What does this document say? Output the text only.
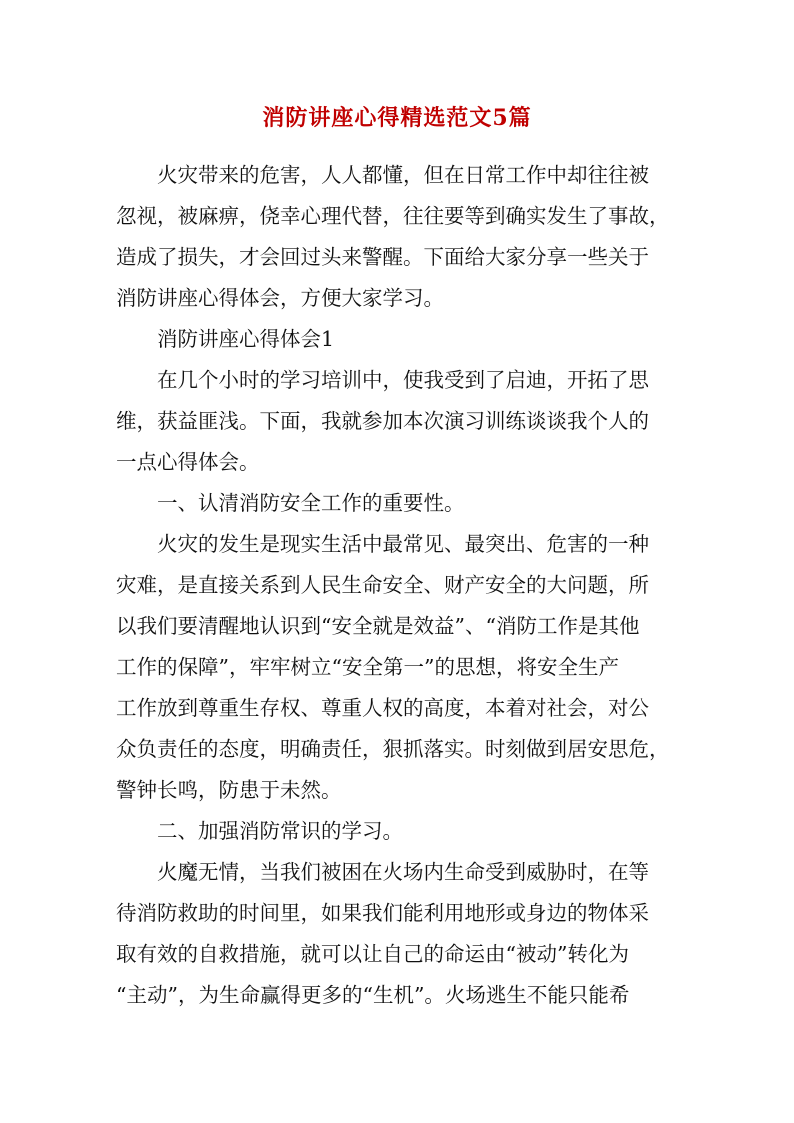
消防讲座心得精选范文5篇

火灾带来的危害，人人都懂，但在日常工作中却往往被
忽视，被麻痹，侥幸心理代替，往往要等到确实发生了事故，
造成了损失，才会回过头来警醒。下面给大家分享一些关于
消防讲座心得体会，方便大家学习。

消防讲座心得体会1

在几个小时的学习培训中，使我受到了启迪，开拓了思
维，获益匪浅。下面，我就参加本次演习训练谈谈我个人的
一点心得体会。

一、认清消防安全工作的重要性。

火灾的发生是现实生活中最常见、最突出、危害的一种
灾难，是直接关系到人民生命安全、财产安全的大问题，所
以我们要清醒地认识到“安全就是效益”、“消防工作是其他
工作的保障”，牢牢树立“安全第一”的思想，将安全生产
工作放到尊重生存权、尊重人权的高度，本着对社会，对公
众负责任的态度，明确责任，狠抓落实。时刻做到居安思危，
警钟长鸣，防患于未然。

二、加强消防常识的学习。

火魔无情，当我们被困在火场内生命受到威胁时，在等
待消防救助的时间里，如果我们能利用地形或身边的物体采
取有效的自救措施，就可以让自己的命运由“被动”转化为
“主动”，为生命赢得更多的“生机”。火场逃生不能只能希
